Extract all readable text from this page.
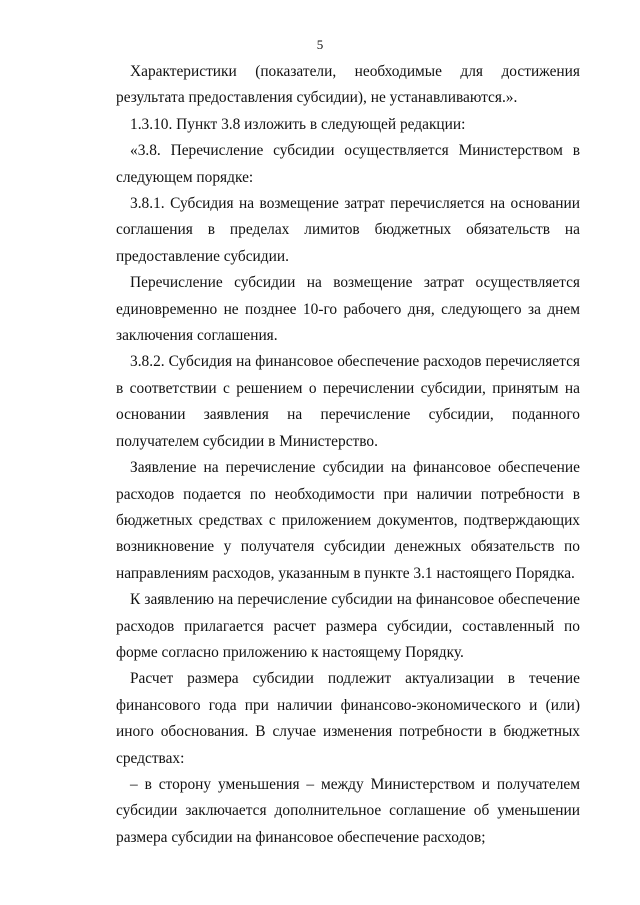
5

Характеристики (показатели, необходимые для достижения результата предоставления субсидии), не устанавливаются.».

1.3.10. Пункт 3.8 изложить в следующей редакции:

«3.8. Перечисление субсидии осуществляется Министерством в следующем порядке:

3.8.1. Субсидия на возмещение затрат перечисляется на основании соглашения в пределах лимитов бюджетных обязательств на предоставление субсидии.

Перечисление субсидии на возмещение затрат осуществляется единовременно не позднее 10-го рабочего дня, следующего за днем заключения соглашения.

3.8.2. Субсидия на финансовое обеспечение расходов перечисляется в соответствии с решением о перечислении субсидии, принятым на основании заявления на перечисление субсидии, поданного получателем субсидии в Министерство.

Заявление на перечисление субсидии на финансовое обеспечение расходов подается по необходимости при наличии потребности в бюджетных средствах с приложением документов, подтверждающих возникновение у получателя субсидии денежных обязательств по направлениям расходов, указанным в пункте 3.1 настоящего Порядка.

К заявлению на перечисление субсидии на финансовое обеспечение расходов прилагается расчет размера субсидии, составленный по форме согласно приложению к настоящему Порядку.

Расчет размера субсидии подлежит актуализации в течение финансового года при наличии финансово-экономического и (или) иного обоснования. В случае изменения потребности в бюджетных средствах:

– в сторону уменьшения – между Министерством и получателем субсидии заключается дополнительное соглашение об уменьшении размера субсидии на финансовое обеспечение расходов;
